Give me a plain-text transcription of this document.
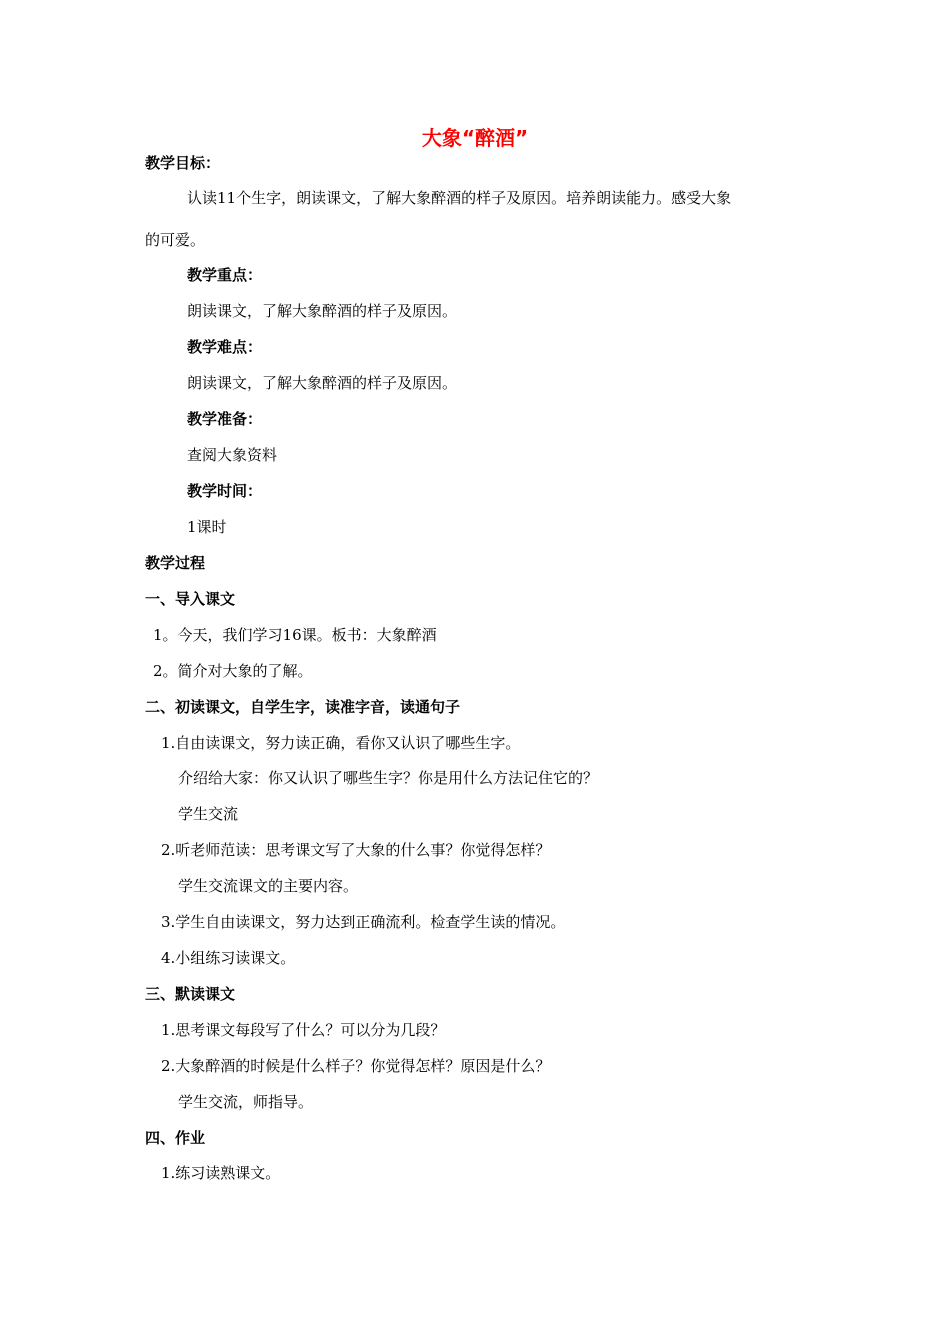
大象“醉酒”
教学目标：
认读11个生字，朗读课文，了解大象醉酒的样子及原因。培养朗读能力。感受大象
的可爱。
教学重点：
朗读课文，了解大象醉酒的样子及原因。
教学难点：
朗读课文，了解大象醉酒的样子及原因。
教学准备：
查阅大象资料
教学时间：
1课时
教学过程
一、导入课文
1。今天，我们学习16课。板书：大象醉酒
2。简介对大象的了解。
二、初读课文，自学生字，读准字音，读通句子
1.自由读课文，努力读正确，看你又认识了哪些生字。
介绍给大家：你又认识了哪些生字？你是用什么方法记住它的？
学生交流
2.听老师范读：思考课文写了大象的什么事？你觉得怎样？
学生交流课文的主要内容。
3.学生自由读课文，努力达到正确流利。检查学生读的情况。
4.小组练习读课文。
三、默读课文
1.思考课文每段写了什么？可以分为几段？
2.大象醉酒的时候是什么样子？你觉得怎样？原因是什么？
学生交流，师指导。
四、作业
1.练习读熟课文。
